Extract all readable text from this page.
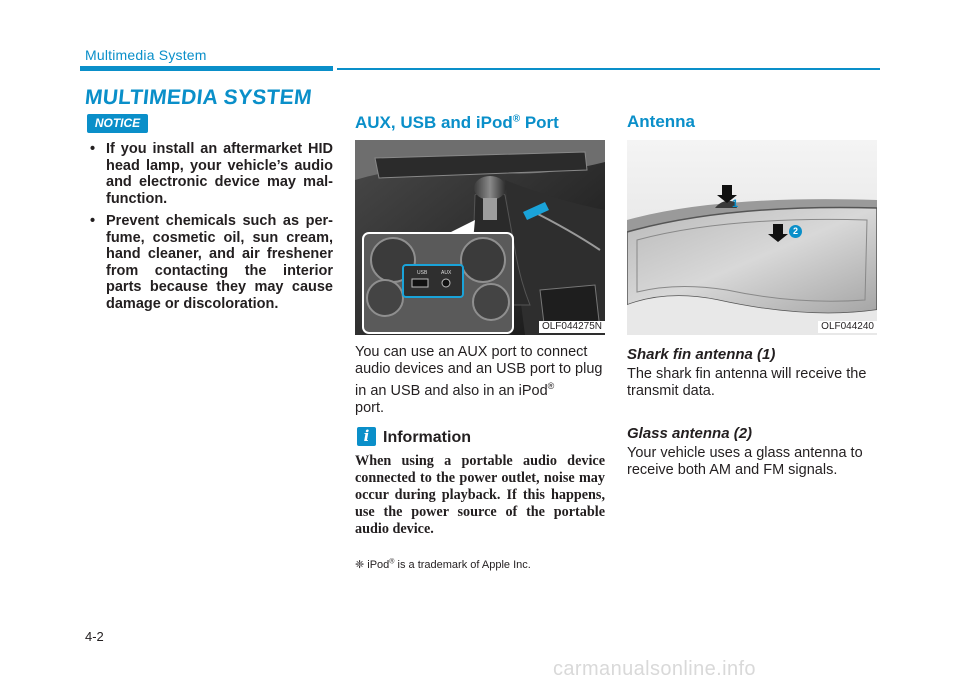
Multimedia System
MULTIMEDIA SYSTEM
NOTICE
• If you install an aftermarket HID head lamp, your vehicle’s audio and electronic device may mal- function.
• Prevent chemicals such as per- fume, cosmetic oil, sun cream, hand cleaner, and air freshener from contacting the interior parts because they may cause damage or discoloration.
AUX, USB and iPod® Port
USB	AUX
OLF044275N
You can use an AUX port to connect audio devices and an USB port to plug in an USB and also in an iPod®
port.
i Information
When using a portable audio device connected to the power outlet, noise may occur during playback. If this happens, use the power source of the portable audio device.
❈ iPod® is a trademark of Apple Inc.
Antenna
1
2
OLF044240
Shark fin antenna (1)
The shark fin antenna will receive the transmit data.
Glass antenna (2)
Your vehicle uses a glass antenna to receive both AM and FM signals.
4-2
carmanualsonline.info
